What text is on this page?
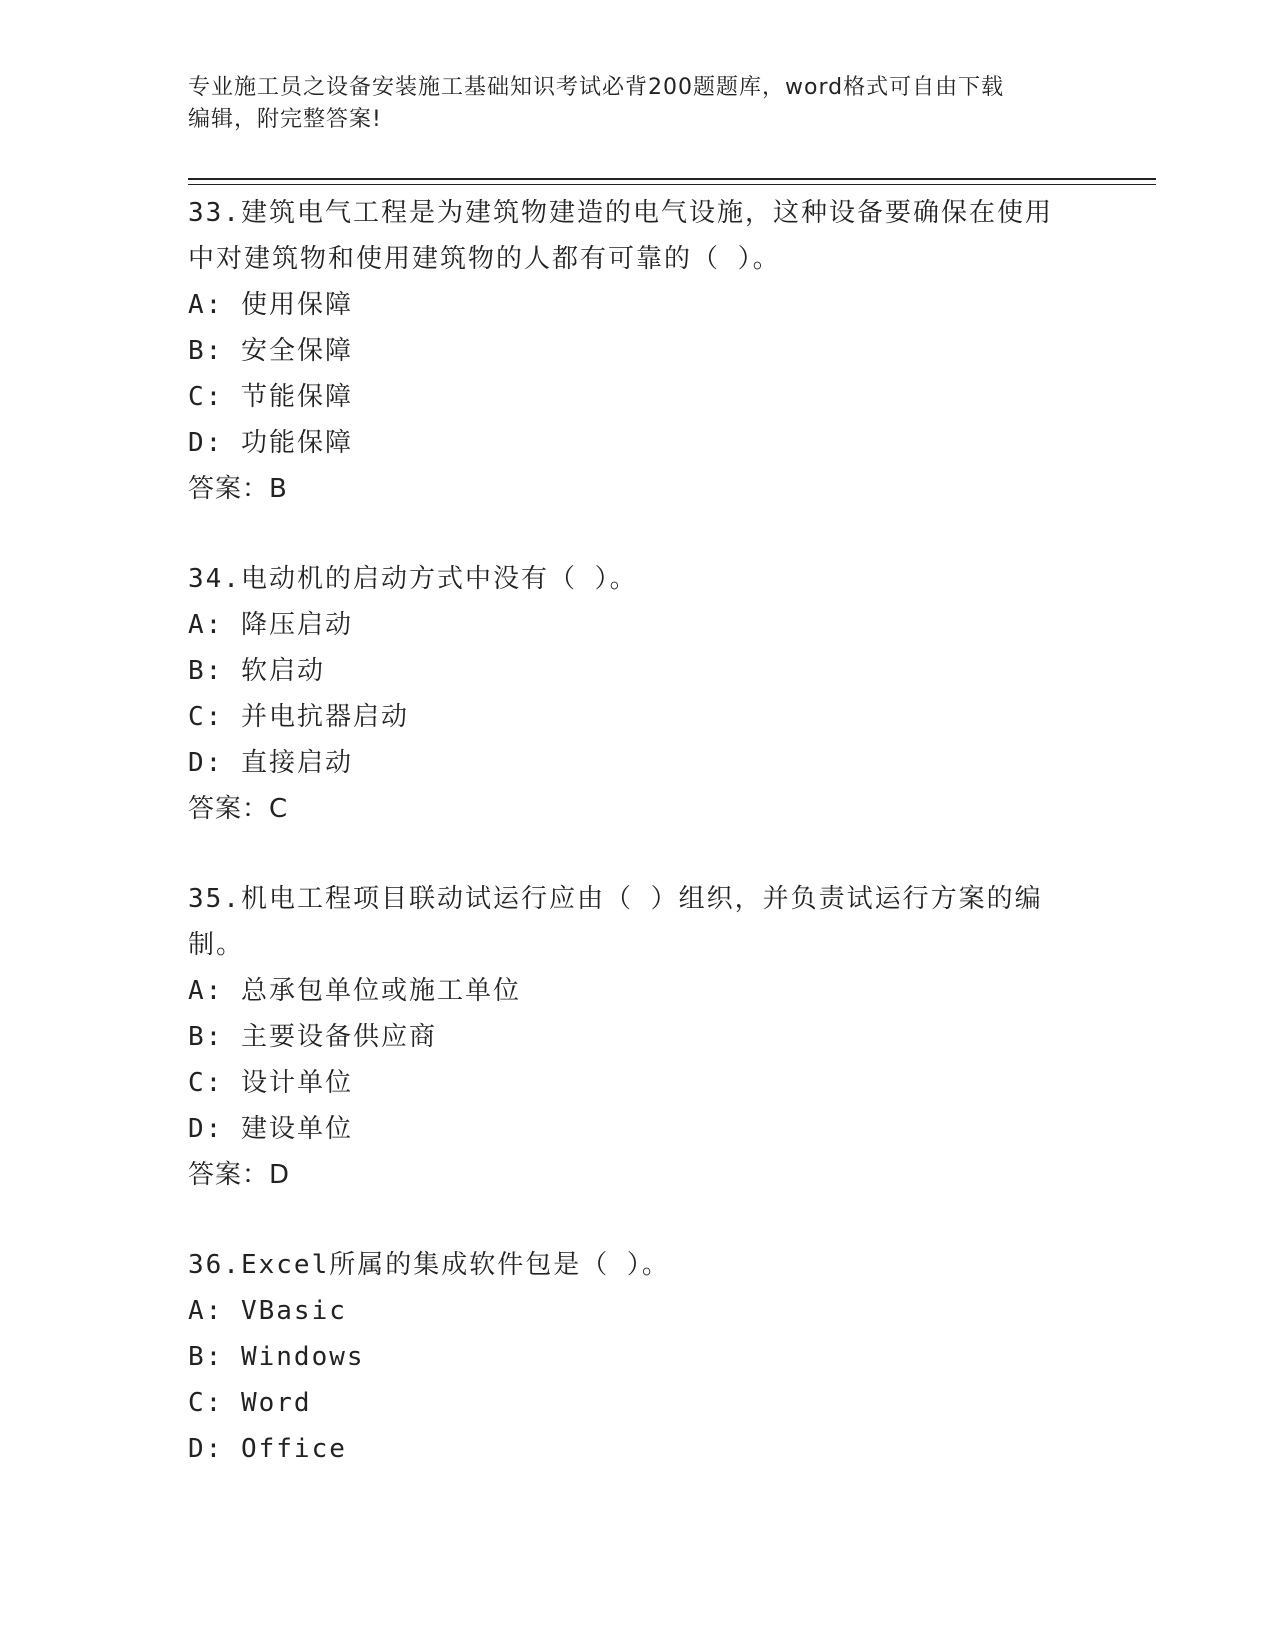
专业施工员之设备安装施工基础知识考试必背200题题库，word格式可自由下载
编辑，附完整答案!
33.建筑电气工程是为建筑物建造的电气设施，这种设备要确保在使用
中对建筑物和使用建筑物的人都有可靠的（ ）。
A: 使用保障
B: 安全保障
C: 节能保障
D: 功能保障
答案：B
34.电动机的启动方式中没有（ ）。
A: 降压启动
B: 软启动
C: 并电抗器启动
D: 直接启动
答案：C
35.机电工程项目联动试运行应由（ ）组织，并负责试运行方案的编
制。
A: 总承包单位或施工单位
B: 主要设备供应商
C: 设计单位
D: 建设单位
答案：D
36.Excel所属的集成软件包是（ ）。
A: VBasic
B: Windows
C: Word
D: Office
